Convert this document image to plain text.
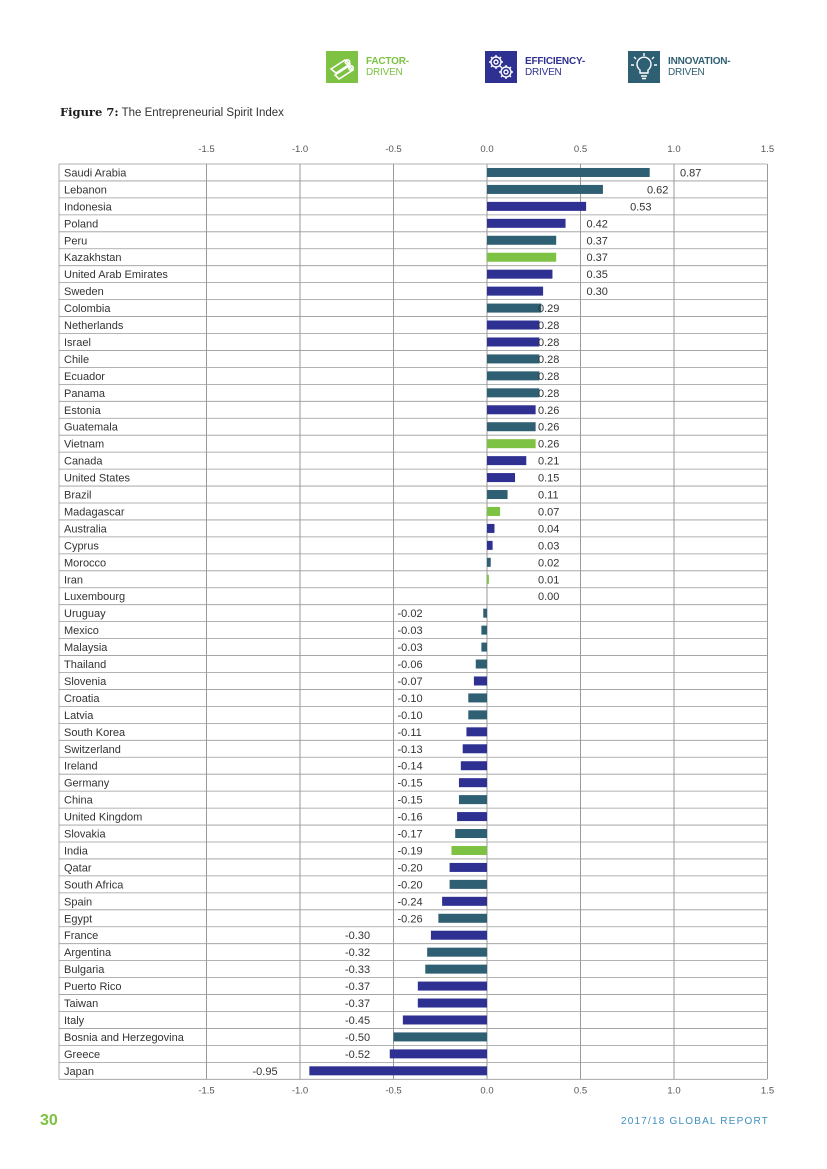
FACTOR-
DRIVEN
EFFICIENCY-
DRIVEN
INNOVATION-
DRIVEN
Figure 7: The Entrepreneurial Spirit Index
-1.5
-1.5
-1.0
-1.0
-0.5
-0.5
0.0
0.0
0.5
0.5
1.0
1.0
1.5
1.5
Saudi Arabia	0.87
Lebanon	0.62
Indonesia	0.53
Poland	0.42
Peru	0.37
Kazakhstan	0.37
United Arab Emirates	0.35
Sweden	0.30
Colombia	0.29
Netherlands	0.28
Israel	0.28
Chile	0.28
Ecuador	0.28
Panama	0.28
Estonia	0.26
Guatemala	0.26
Vietnam	0.26
Canada	0.21
United States	0.15
Brazil	0.11
Madagascar	0.07
Australia	0.04
Cyprus	0.03
Morocco	0.02
Iran	0.01
Luxembourg	0.00
Uruguay	-0.02
Mexico	-0.03
Malaysia	-0.03
Thailand	-0.06
Slovenia	-0.07
Croatia	-0.10
Latvia	-0.10
South Korea	-0.11
Switzerland	-0.13
Ireland	-0.14
Germany	-0.15
China	-0.15
United Kingdom	-0.16
Slovakia	-0.17
India	-0.19
Qatar	-0.20
South Africa	-0.20
Spain	-0.24
Egypt	-0.26
France	-0.30
Argentina	-0.32
Bulgaria	-0.33
Puerto Rico	-0.37
Taiwan	-0.37
Italy	-0.45
Bosnia and Herzegovina	-0.50
Greece	-0.52
Japan	-0.95
30	2017/18 GLOBAL REPORT
